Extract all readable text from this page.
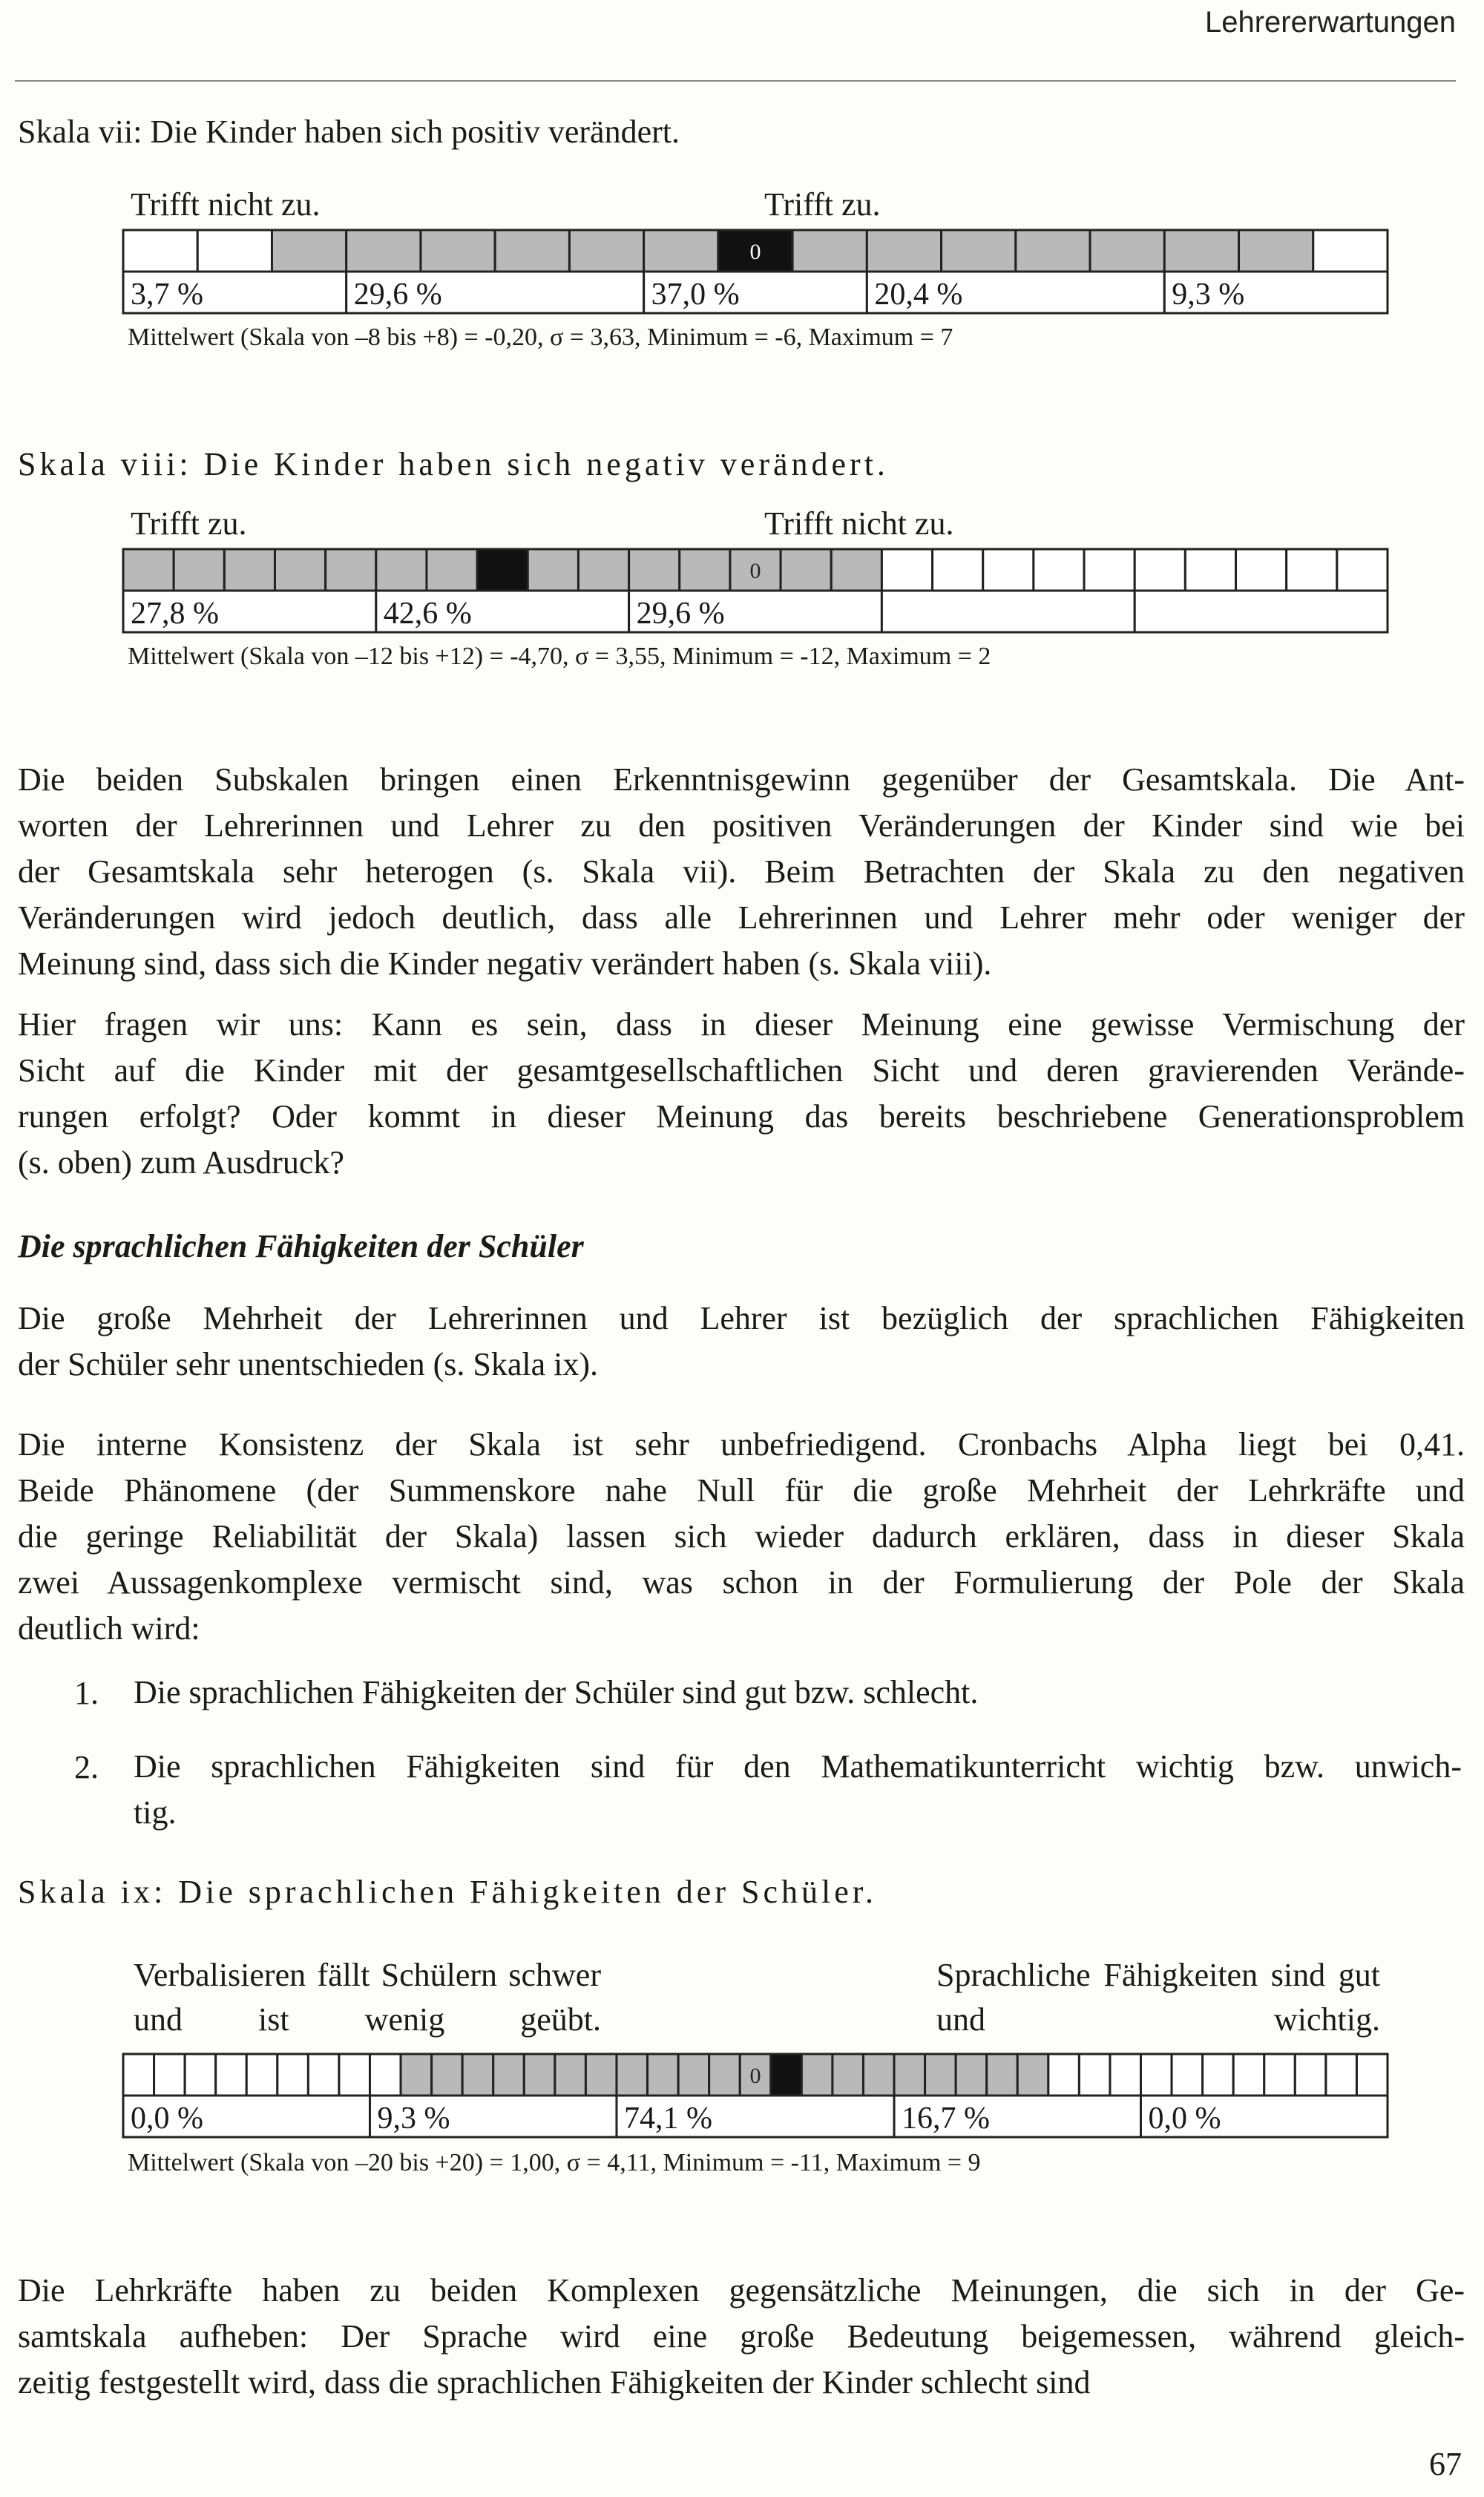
Lehrererwartungen
Skala vii: Die Kinder haben sich positiv verändert.
Trifft nicht zu.	Trifft zu.
0
3,7 %	29,6 %	37,0 %	20,4 %	9,3 %
Mittelwert (Skala von –8 bis +8) = -0,20, σ = 3,63, Minimum = -6, Maximum = 7
Skala viii: Die Kinder haben sich negativ verändert.
Trifft zu.	Trifft nicht zu.
0
27,8 %	42,6 %	29,6 %
Mittelwert (Skala von –12 bis +12) = -4,70, σ = 3,55, Minimum = -12, Maximum = 2
Die beiden Subskalen bringen einen Erkenntnisgewinn gegenüber der Gesamtskala. Die Ant-
worten der Lehrerinnen und Lehrer zu den positiven Veränderungen der Kinder sind wie bei
der Gesamtskala sehr heterogen (s. Skala vii). Beim Betrachten der Skala zu den negativen
Veränderungen wird jedoch deutlich, dass alle Lehrerinnen und Lehrer mehr oder weniger der
Meinung sind, dass sich die Kinder negativ verändert haben (s. Skala viii).
Hier fragen wir uns: Kann es sein, dass in dieser Meinung eine gewisse Vermischung der
Sicht auf die Kinder mit der gesamtgesellschaftlichen Sicht und deren gravierenden Verände-
rungen erfolgt? Oder kommt in dieser Meinung das bereits beschriebene Generationsproblem
(s. oben) zum Ausdruck?
Die sprachlichen Fähigkeiten der Schüler
Die große Mehrheit der Lehrerinnen und Lehrer ist bezüglich der sprachlichen Fähigkeiten
der Schüler sehr unentschieden (s. Skala ix).
Die interne Konsistenz der Skala ist sehr unbefriedigend. Cronbachs Alpha liegt bei 0,41.
Beide Phänomene (der Summenskore nahe Null für die große Mehrheit der Lehrkräfte und
die geringe Reliabilität der Skala) lassen sich wieder dadurch erklären, dass in dieser Skala
zwei Aussagenkomplexe vermischt sind, was schon in der Formulierung der Pole der Skala
deutlich wird:
1. Die sprachlichen Fähigkeiten der Schüler sind gut bzw. schlecht.
2. Die sprachlichen Fähigkeiten sind für den Mathematikunterricht wichtig bzw. unwich-
tig.
Skala ix: Die sprachlichen Fähigkeiten der Schüler.
Verbalisieren fällt Schülern schwer und ist wenig geübt.
Sprachliche Fähigkeiten sind gut und wichtig.
0
0,0 %	9,3 %	74,1 %	16,7 %	0,0 %
Mittelwert (Skala von –20 bis +20) = 1,00, σ = 4,11, Minimum = -11, Maximum = 9
Die Lehrkräfte haben zu beiden Komplexen gegensätzliche Meinungen, die sich in der Ge-
samtskala aufheben: Der Sprache wird eine große Bedeutung beigemessen, während gleich-
zeitig festgestellt wird, dass die sprachlichen Fähigkeiten der Kinder schlecht sind
67
